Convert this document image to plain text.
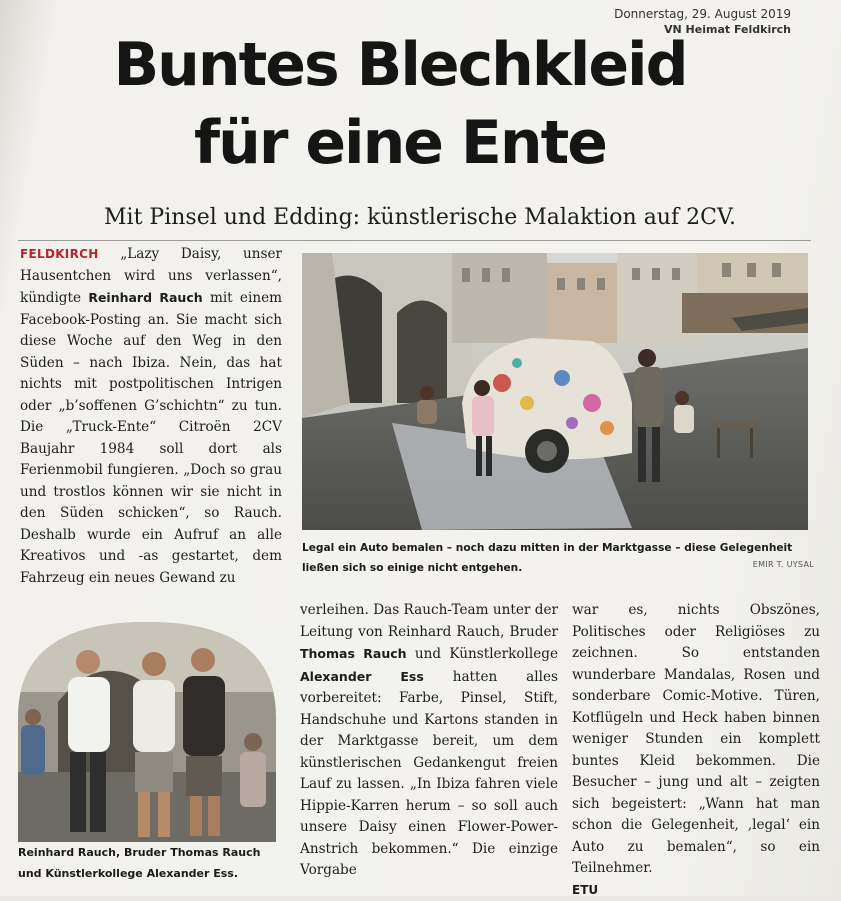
Donnerstag, 29. August 2019
VN Heimat Feldkirch
Buntes Blechkleid
für eine Ente
Mit Pinsel und Edding: künstlerische Malaktion auf 2CV.

FELDKIRCH „Lazy Daisy, unser Hausentchen wird uns verlassen“, kündigte Reinhard Rauch mit einem Facebook-Posting an. Sie macht sich diese Woche auf den Weg in den Süden – nach Ibiza. Nein, das hat nichts mit postpolitischen Intrigen oder „b’soffenen G’schichtn“ zu tun. Die „Truck-Ente“ Citroën 2CV Baujahr 1984 soll dort als Ferienmobil fungieren. „Doch so grau und trostlos können wir sie nicht in den Süden schicken“, so Rauch. Deshalb wurde ein Aufruf an alle Kreativos und -as gestartet, dem Fahrzeug ein neues Gewand zu

Legal ein Auto bemalen – noch dazu mitten in der Marktgasse – diese Gelegenheit ließen sich so einige nicht entgehen.	EMIR T. UYSAL
Reinhard Rauch, Bruder Thomas Rauch und Künstlerkollege Alexander Ess.

verleihen. Das Rauch-Team unter der Leitung von Reinhard Rauch, Bruder Thomas Rauch und Künstlerkollege Alexander Ess hatten alles vorbereitet: Farbe, Pinsel, Stift, Handschuhe und Kartons standen in der Marktgasse bereit, um dem künstlerischen Gedankengut freien Lauf zu lassen. „In Ibiza fahren viele Hippie-Karren herum – so soll auch unsere Daisy einen Flower-Power-Anstrich bekommen.“ Die einzige Vorgabe

war es, nichts Obszönes, Politisches oder Religiöses zu zeichnen. So entstanden wunderbare Mandalas, Rosen und sonderbare Comic-Motive. Türen, Kotflügeln und Heck haben binnen weniger Stunden ein komplett buntes Kleid bekommen. Die Besucher – jung und alt – zeigten sich begeistert: „Wann hat man schon die Gelegenheit, ‚legal‘ ein Auto zu bemalen“, so ein Teilnehmer.

ETU
